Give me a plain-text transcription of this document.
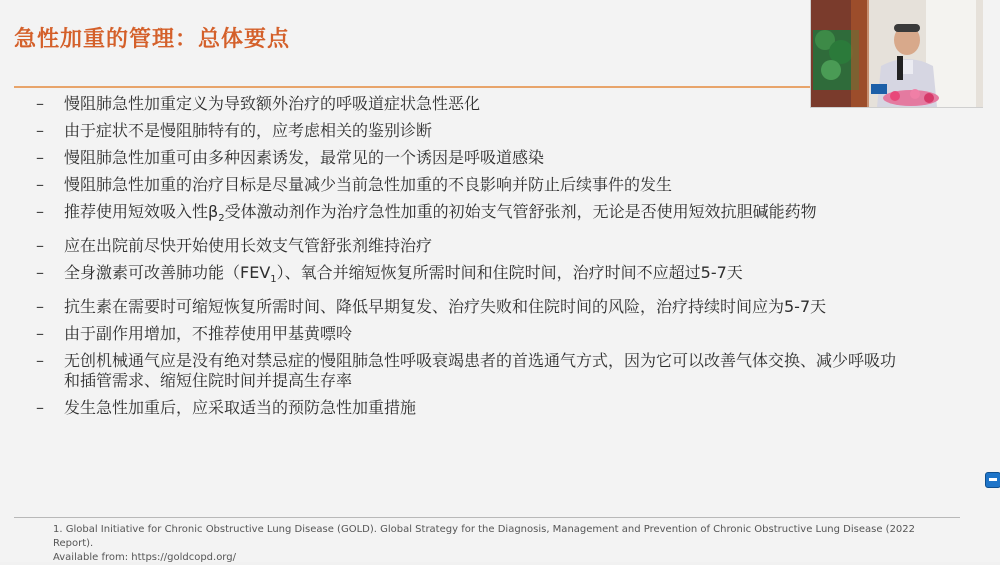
急性加重的管理：总体要点
– 慢阻肺急性加重定义为导致额外治疗的呼吸道症状急性恶化
– 由于症状不是慢阻肺特有的，应考虑相关的鉴别诊断
– 慢阻肺急性加重可由多种因素诱发，最常见的一个诱因是呼吸道感染
– 慢阻肺急性加重的治疗目标是尽量减少当前急性加重的不良影响并防止后续事件的发生
– 推荐使用短效吸入性$\beta_2$受体激动剂作为治疗急性加重的初始支气管舒张剂，无论是否使用短效抗胆碱能药物
– 应在出院前尽快开始使用长效支气管舒张剂维持治疗
– 全身激素可改善肺功能$(FEV_1)$、氧合并缩短恢复所需时间和住院时间，治疗时间不应超过5-7天
– 抗生素在需要时可缩短恢复所需时间、降低早期复发、治疗失败和住院时间的风险，治疗持续时间应为5-7天
– 由于副作用增加，不推荐使用甲基黄嘌呤
– 无创机械通气应是没有绝对禁忌症的慢阻肺急性呼吸衰竭患者的首选通气方式，因为它可以改善气体交换、减少呼吸功和插管需求、缩短住院时间并提高生存率
– 发生急性加重后，应采取适当的预防急性加重措施
1. Global Initiative for Chronic Obstructive Lung Disease (GOLD). Global Strategy for the Diagnosis, Management and Prevention of Chronic Obstructive Lung Disease (2022 Report).
Available from: https://goldcopd.org/
